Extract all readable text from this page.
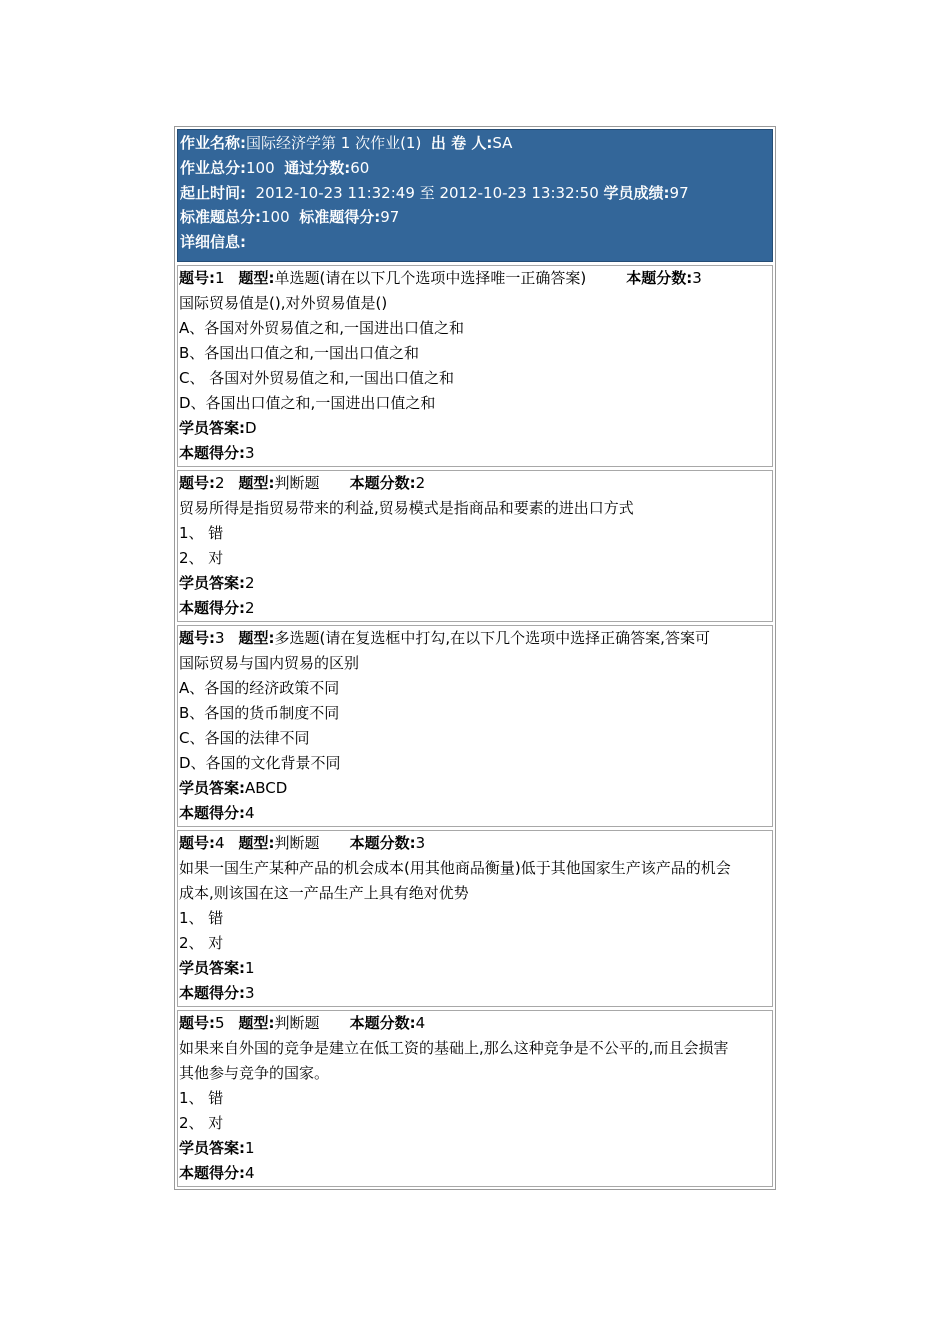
作业名称:国际经济学第 1 次作业(1) 出 卷 人:SA
作业总分:100 通过分数:60
起止时间: 2012-10-23 11:32:49 至 2012-10-23 13:32:50 学员成绩:97
标准题总分:100 标准题得分:97
详细信息:
题号:1 题型:单选题(请在以下几个选项中选择唯一正确答案)	本题分数:3
国际贸易值是(),对外贸易值是()
A、各国对外贸易值之和,一国进出口值之和
B、各国出口值之和,一国出口值之和
C、 各国对外贸易值之和,一国出口值之和
D、各国出口值之和,一国进出口值之和
学员答案:D
本题得分:3
题号:2 题型:判断题 本题分数:2
贸易所得是指贸易带来的利益,贸易模式是指商品和要素的进出口方式
1、 错
2、 对
学员答案:2
本题得分:2
题号:3 题型:多选题(请在复选框中打勾,在以下几个选项中选择正确答案,答案可
国际贸易与国内贸易的区别
A、各国的经济政策不同
B、各国的货币制度不同
C、各国的法律不同
D、各国的文化背景不同
学员答案:ABCD
本题得分:4
题号:4 题型:判断题 本题分数:3
如果一国生产某种产品的机会成本(用其他商品衡量)低于其他国家生产该产品的机会
成本,则该国在这一产品生产上具有绝对优势
1、 错
2、 对
学员答案:1
本题得分:3
题号:5 题型:判断题 本题分数:4
如果来自外国的竞争是建立在低工资的基础上,那么这种竞争是不公平的,而且会损害
其他参与竞争的国家。
1、 错
2、 对
学员答案:1
本题得分:4
